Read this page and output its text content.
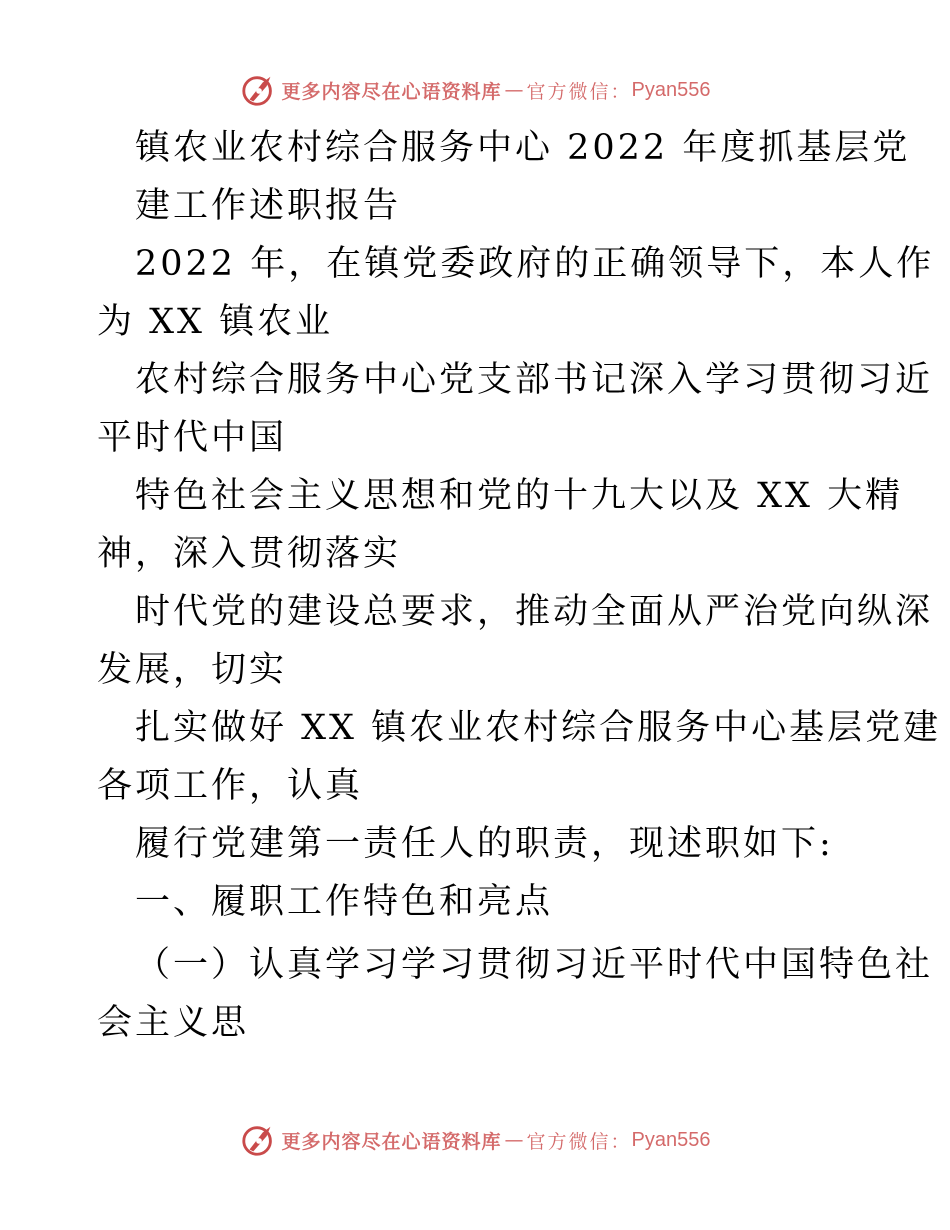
更多内容尽在心语资料库 — 官方微信： Pyan556
镇农业农村综合服务中心 2022 年度抓基层党
建工作述职报告
2022 年，在镇党委政府的正确领导下，本人作
为 XX 镇农业
农村综合服务中心党支部书记深入学习贯彻习近
平时代中国
特色社会主义思想和党的十九大以及 XX 大精
神，深入贯彻落实
时代党的建设总要求，推动全面从严治党向纵深
发展，切实
扎实做好 XX 镇农业农村综合服务中心基层党建
各项工作，认真
履行党建第一责任人的职责，现述职如下:
一、履职工作特色和亮点
（一）认真学习学习贯彻习近平时代中国特色社
会主义思
更多内容尽在心语资料库 — 官方微信： Pyan556
